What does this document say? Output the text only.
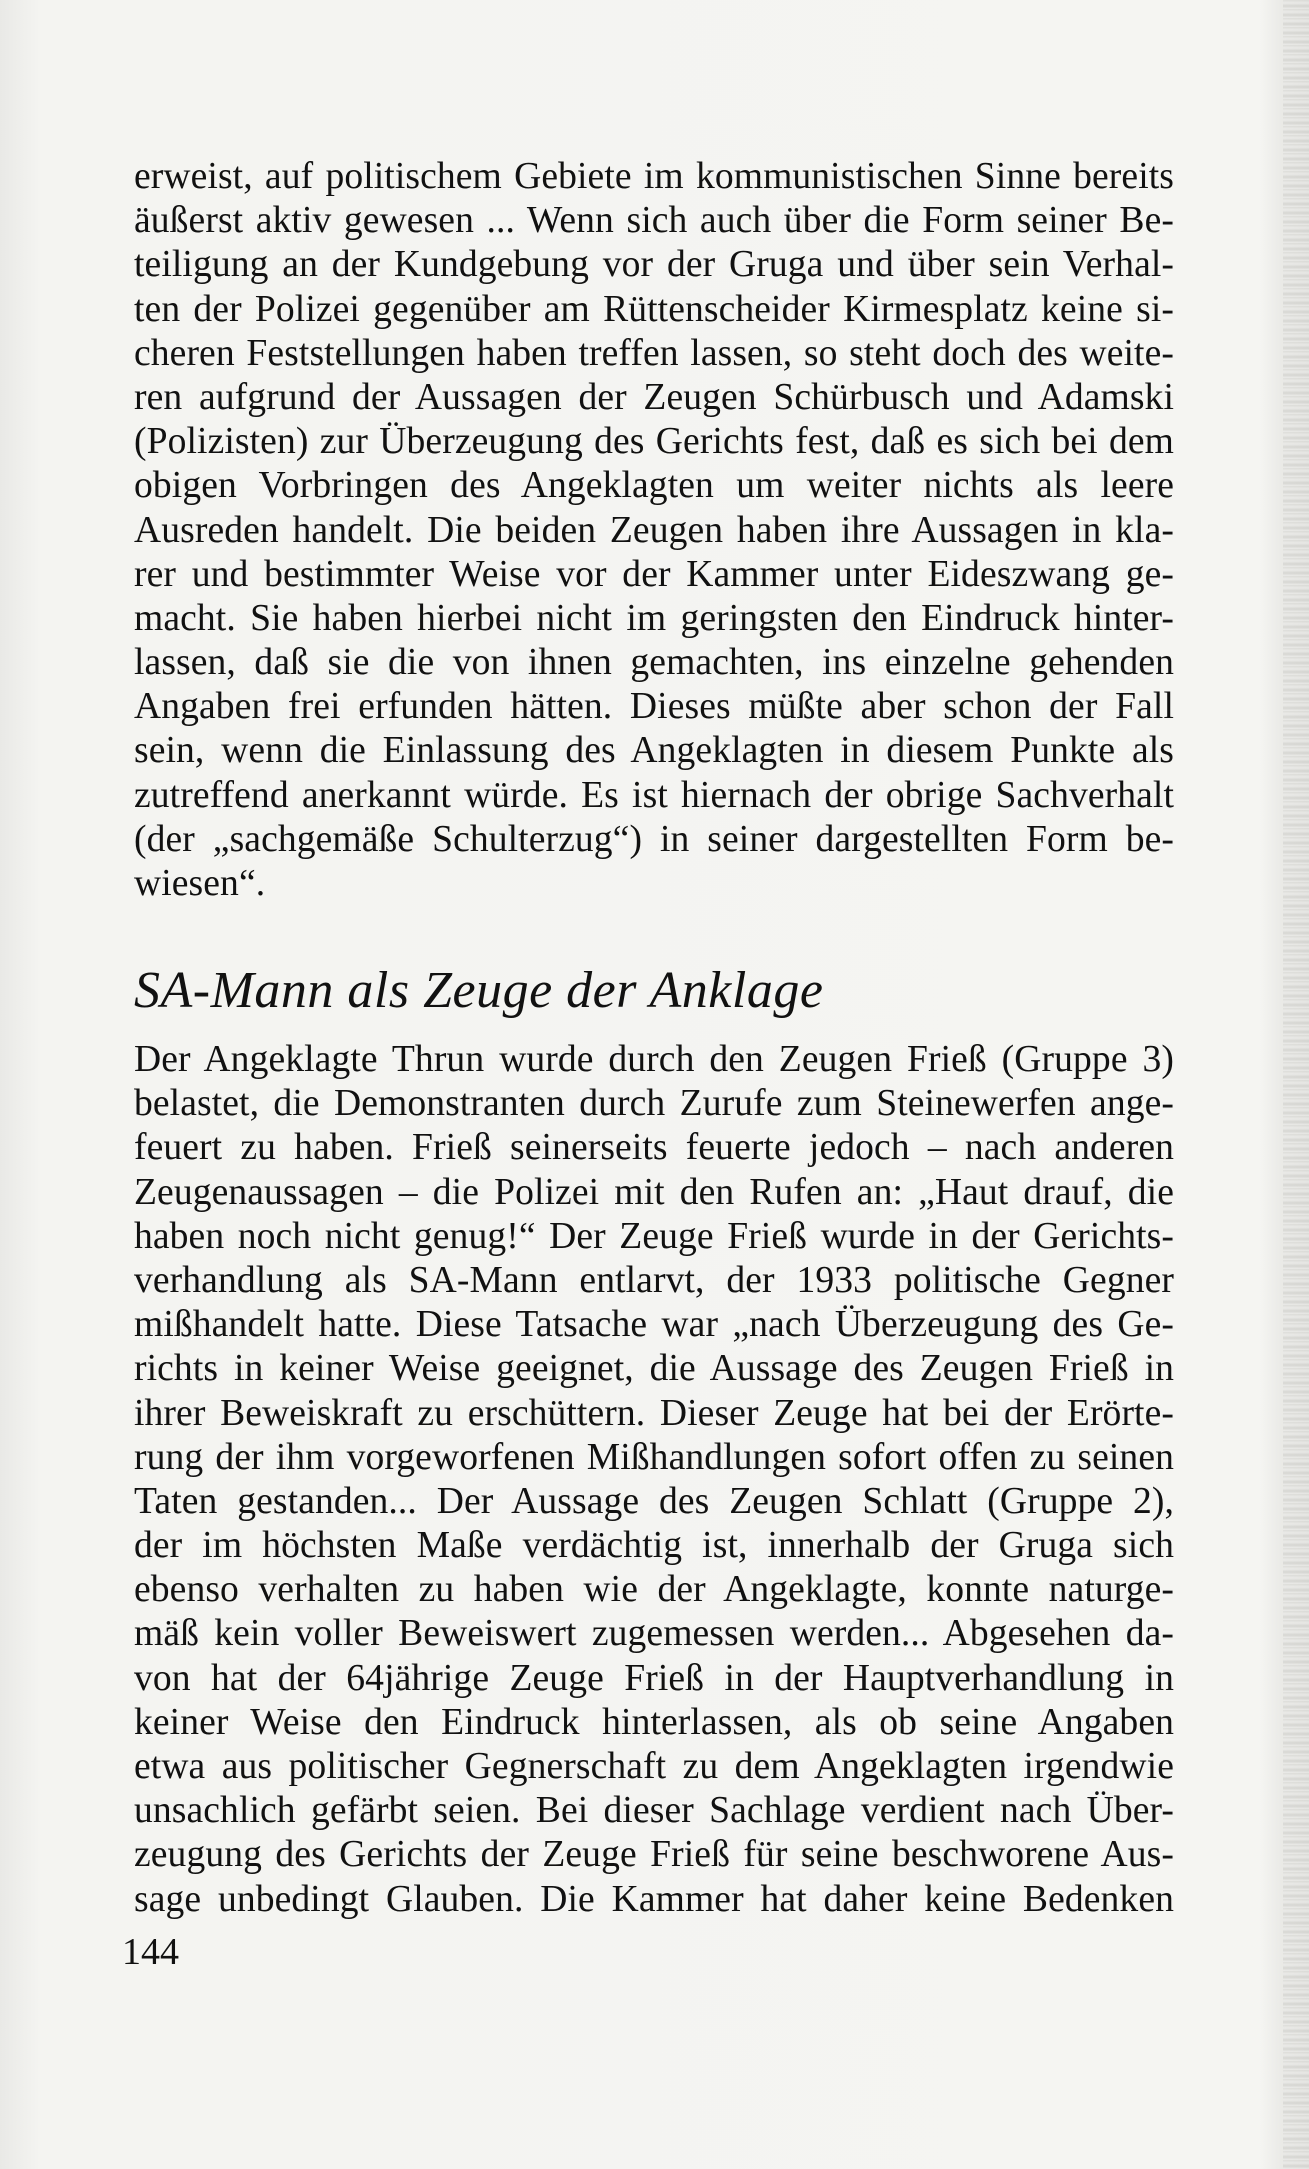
erweist, auf politischem Gebiete im kommunistischen Sinne bereits
äußerst aktiv gewesen ... Wenn sich auch über die Form seiner Be-
teiligung an der Kundgebung vor der Gruga und über sein Verhal-
ten der Polizei gegenüber am Rüttenscheider Kirmesplatz keine si-
cheren Feststellungen haben treffen lassen, so steht doch des weite-
ren aufgrund der Aussagen der Zeugen Schürbusch und Adamski
(Polizisten) zur Überzeugung des Gerichts fest, daß es sich bei dem
obigen Vorbringen des Angeklagten um weiter nichts als leere
Ausreden handelt. Die beiden Zeugen haben ihre Aussagen in kla-
rer und bestimmter Weise vor der Kammer unter Eideszwang ge-
macht. Sie haben hierbei nicht im geringsten den Eindruck hinter-
lassen, daß sie die von ihnen gemachten, ins einzelne gehenden
Angaben frei erfunden hätten. Dieses müßte aber schon der Fall
sein, wenn die Einlassung des Angeklagten in diesem Punkte als
zutreffend anerkannt würde. Es ist hiernach der obrige Sachverhalt
(der „sachgemäße Schulterzug“) in seiner dargestellten Form be-
wiesen“.
SA-Mann als Zeuge der Anklage
Der Angeklagte Thrun wurde durch den Zeugen Frieß (Gruppe 3)
belastet, die Demonstranten durch Zurufe zum Steinewerfen ange-
feuert zu haben. Frieß seinerseits feuerte jedoch – nach anderen
Zeugenaussagen – die Polizei mit den Rufen an: „Haut drauf, die
haben noch nicht genug!“ Der Zeuge Frieß wurde in der Gerichts-
verhandlung als SA-Mann entlarvt, der 1933 politische Gegner
mißhandelt hatte. Diese Tatsache war „nach Überzeugung des Ge-
richts in keiner Weise geeignet, die Aussage des Zeugen Frieß in
ihrer Beweiskraft zu erschüttern. Dieser Zeuge hat bei der Erörte-
rung der ihm vorgeworfenen Mißhandlungen sofort offen zu seinen
Taten gestanden... Der Aussage des Zeugen Schlatt (Gruppe 2),
der im höchsten Maße verdächtig ist, innerhalb der Gruga sich
ebenso verhalten zu haben wie der Angeklagte, konnte naturge-
mäß kein voller Beweiswert zugemessen werden... Abgesehen da-
von hat der 64jährige Zeuge Frieß in der Hauptverhandlung in
keiner Weise den Eindruck hinterlassen, als ob seine Angaben
etwa aus politischer Gegnerschaft zu dem Angeklagten irgendwie
unsachlich gefärbt seien. Bei dieser Sachlage verdient nach Über-
zeugung des Gerichts der Zeuge Frieß für seine beschworene Aus-
sage unbedingt Glauben. Die Kammer hat daher keine Bedenken
144
